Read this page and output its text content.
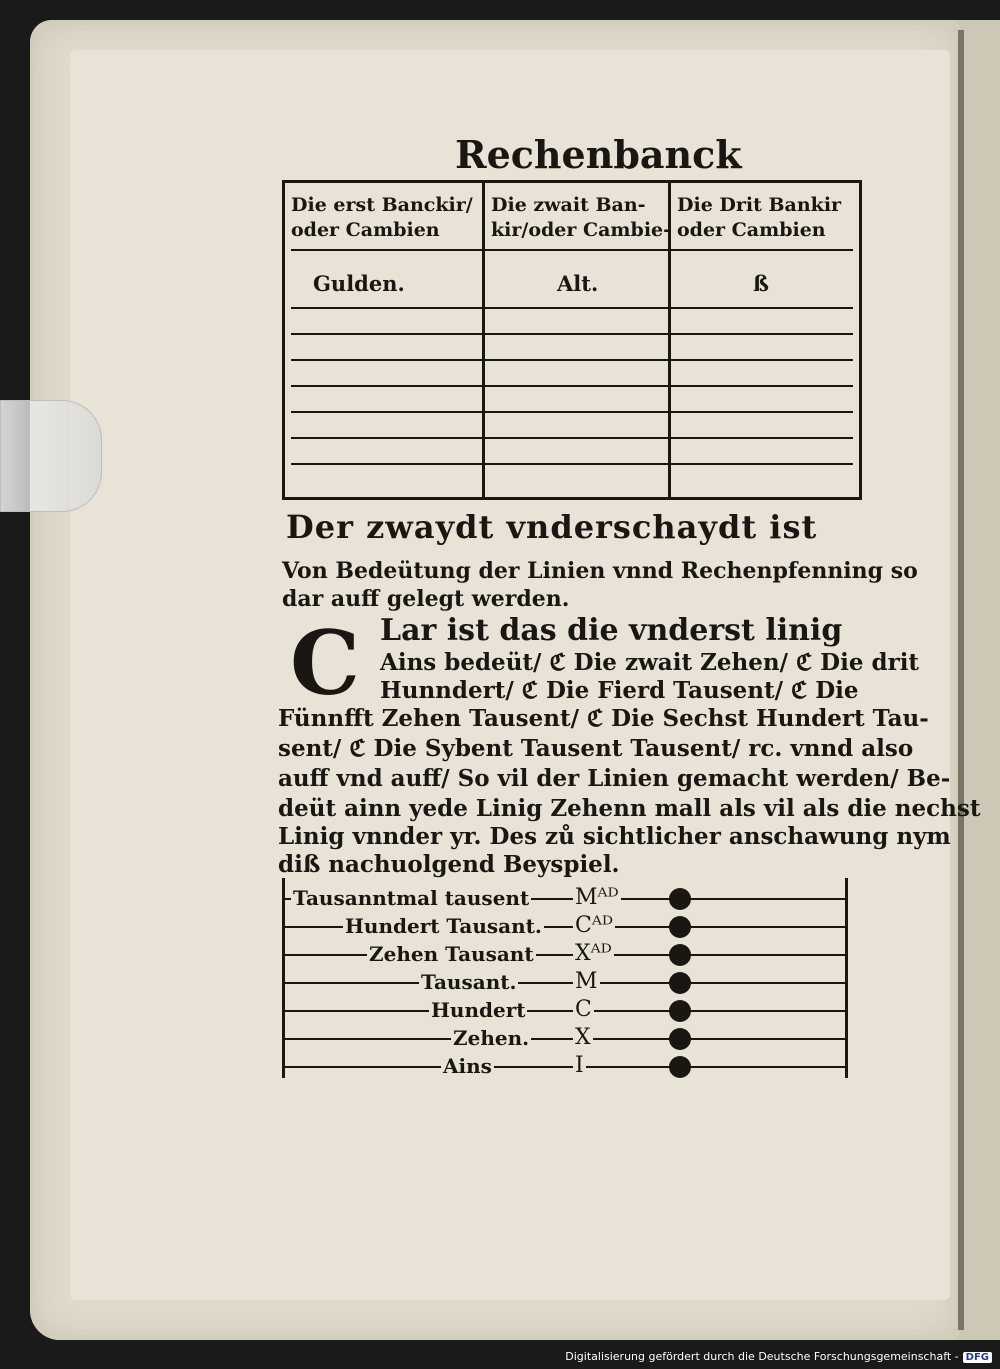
Rechenbanck
Die erst Banckir/
oder Cambien
Gulden.
Die zwait Ban-
kir/oder Cambie-
Alt.
Die Drit Bankir
oder Cambien
ß
Der zwaydt vnderschaydt ist
Von Bedeütung der Linien vnnd Rechenpfenning so
dar auff gelegt werden.
C Lar ist das die vnderst linig
Ains bedeüt/ ℭ Die zwait Zehen/ ℭ Die drit
Hunndert/ ℭ Die Fierd Tausent/ ℭ Die
Fünnfft Zehen Tausent/ ℭ Die Sechst Hundert Tau-
sent/ ℭ Die Sybent Tausent Tausent/ rc. vnnd also
auff vnd auff/ So vil der Linien gemacht werden/ Be-
deüt ainn yede Linig Zehenn mall als vil als die nechst
Linig vnnder yr. Des zů sichtlicher anschawung nym
diß nachuolgend Beyspiel.
Tausanntmal tausent Mᴬᴰ
Hundert Tausant. Cᴬᴰ
Zehen Tausant Xᴬᴰ
Tausant.	M
Hundert C
Zehen. X
Ains	I
Digitalisierung gefördert durch die Deutsche Forschungsgemeinschaft - DFG
